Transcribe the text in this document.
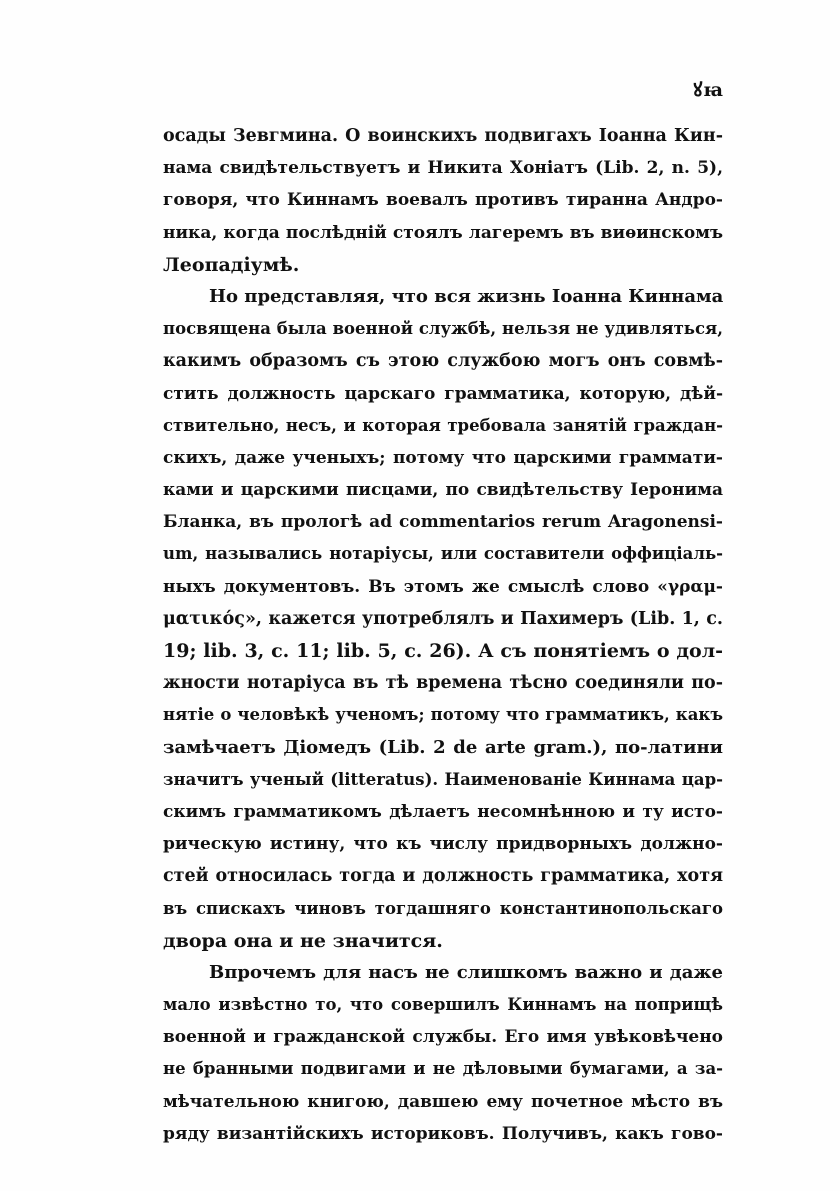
ꙋꙗ
осады Зевгмина. О воинскихъ подвигахъ Іоанна Кин-
нама свидѣтельствуетъ и Никита Хоніатъ (Lib. 2, n. 5),
говоря, что Киннамъ воевалъ противъ тиранна Андро-
ника, когда послѣдній стоялъ лагеремъ въ виѳинскомъ
Леопадіумѣ.
Но представляя, что вся жизнь Іоанна Киннама
посвящена была военной службѣ, нельзя не удивляться,
какимъ образомъ съ этою службою могъ онъ совмѣ-
стить должность царскаго грамматика, которую, дѣй-
ствительно, несъ, и которая требовала занятій граждан-
скихъ, даже ученыхъ; потому что царскими граммати-
ками и царскими писцами, по свидѣтельству Іеронима
Бланка, въ прологѣ ad commentarios rerum Aragonensi-
um, назывались нотаріусы, или составители оффиціаль-
ныхъ документовъ. Въ этомъ же смыслѣ слово «γραμ-
ματικός», кажется употреблялъ и Пахимеръ (Lib. 1, с.
19; lib. 3, c. 11; lib. 5, c. 26). А съ понятіемъ о дол-
жности нотаріуса въ тѣ времена тѣсно соединяли по-
нятіе о человѣкѣ ученомъ; потому что грамматикъ, какъ
замѣчаетъ Діомедъ (Lib. 2 de arte gram.), по-латини
значитъ ученый (litteratus). Наименованіе Киннама цар-
скимъ грамматикомъ дѣлаетъ несомнѣнною и ту исто-
рическую истину, что къ числу придворныхъ должно-
стей относилась тогда и должность грамматика, хотя
въ спискахъ чиновъ тогдашняго константинопольскаго
двора она и не значится.
Впрочемъ для насъ не слишкомъ важно и даже
мало извѣстно то, что совершилъ Киннамъ на поприщѣ
военной и гражданской службы. Его имя увѣковѣчено
не бранными подвигами и не дѣловыми бумагами, а за-
мѣчательною книгою, давшею ему почетное мѣсто въ
ряду византійскихъ историковъ. Получивъ, какъ гово-
